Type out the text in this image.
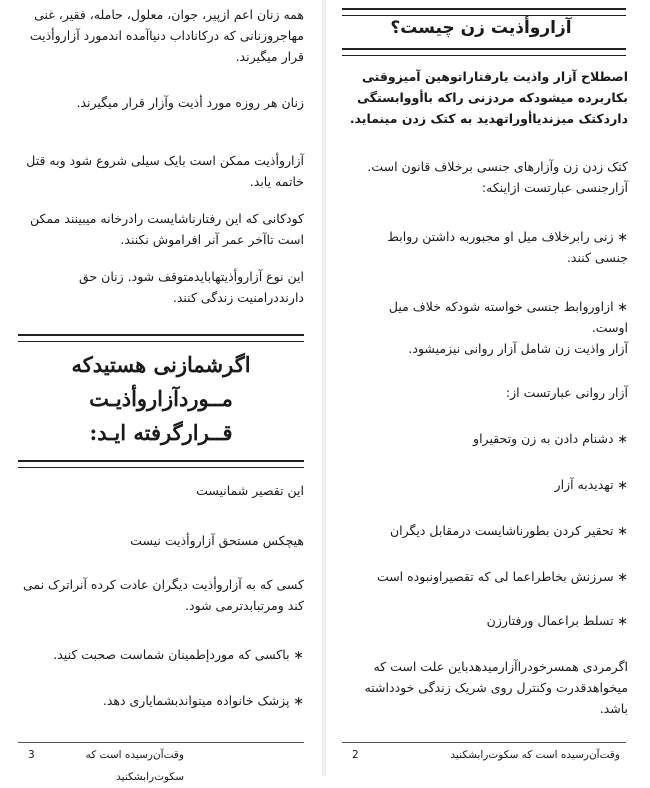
همه زنان اعم ازپیر، جوان، معلول، حامله، فقیر، غنی مهاجروزنانی که درکاناداب دنیاآمده اندمورد آزاروأذیت قرار میگیرند.

زنان هر روزه مورد أذیت وآزار قرار میگیرند.

آزاروأذیت ممکن است بایک سیلی شروع شود وبه قتل خاتمه یابد.

کودکانی که این رفتارناشایست رادرخانه میبینند ممکن است تاآخر عمر آنر افراموش نکنند.

این نوع آزاروأذیتهابایدمتوقف شود. زنان حق دارنددرامنیت زندگی کنند.

اگرشمازنی هستیدکه
مــوردآزاروأذیـت
قــرارگرفته ایـد:

این تقصیر شمانیست

هیچکس مستحق آزاروأذیت نیست

کسی که به آزاروأذیت دیگران عادت کرده آنراترک نمی کند ومرتبابدترمی شود.

∗ باکسی که موردإطمینان شماست صحبت کنید.

∗ پزشک خانواده میتواندبشمایاری دهد.

وقت‌آن‌رسیده است که سکوت‌رابشکنید
3

آزاروأذیت زن چیست؟

اصطلاح آزار واذیت یارفتاراتوهین آمیزوقتی بکاربرده میشودکه مردزنی راکه باأووابستگی داردکتک میزندیاأوراتهدید به کتک زدن مینماید.

کتک زدن زن وآزارهای جنسی برخلاف قانون است. آزارجنسی عبارتست ازاینکه:

∗ زنی رابرخلاف میل او مجبوربه داشتن روابط جنسی کنند.

∗ ازاوروابط جنسی خواسته شودکه خلاف میل اوست.

آزار واذیت زن شامل آزار روانی نیزمیشود.

آزار روانی عبارتست از:

∗ دشنام دادن به زن وتحقیراو

∗ تهدیدبه آزار

∗ تحقیر کردن بطورناشایست درمقابل دیگران

∗ سرزنش بخاطراعما لی که تقصیراونبوده است

∗ تسلط براعمال ورفتارزن

اگرمردی همسرخودراآزارمیدهدباین علت است که میخواهدقدرت وکنترل روی شریک زندگی خودداشته باشد.

وقت‌آن‌رسیده است که سکوت‌رابشکنید
2
